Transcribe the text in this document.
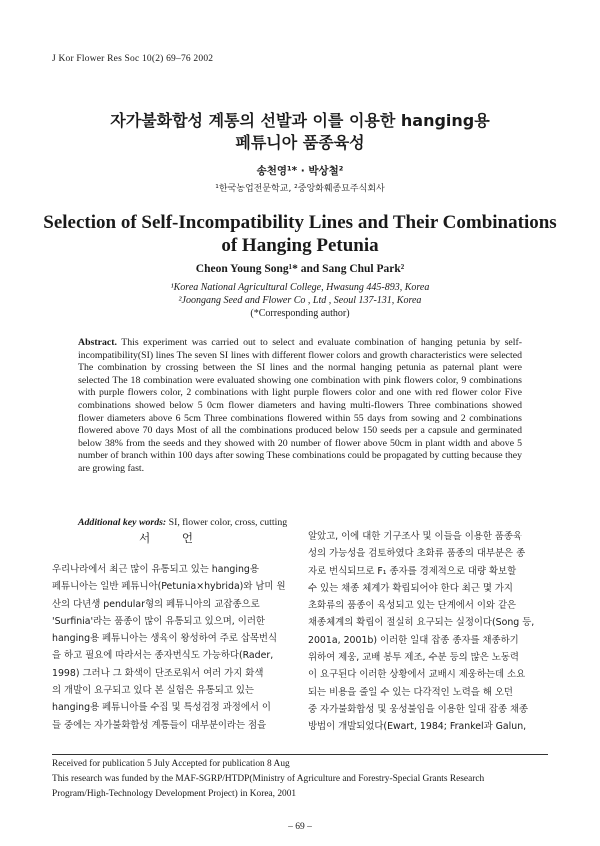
J Kor Flower Res Soc 10(2) 69–76 2002
자가불화합성 계통의 선발과 이를 이용한 hanging용
페튜니아 품종육성
송천영¹* · 박상철²
¹한국농업전문학교, ²중앙화훼종묘주식회사
Selection of Self-Incompatibility Lines and Their Combinations
of Hanging Petunia
Cheon Young Song¹* and Sang Chul Park²
¹Korea National Agricultural College, Hwasung 445-893, Korea
²Joongang Seed and Flower Co , Ltd , Seoul 137-131, Korea
(*Corresponding author)
Abstract. This experiment was carried out to select and evaluate combination of hanging petunia by self-incompatibility(SI) lines The seven SI lines with different flower colors and growth characteristics were selected The combination by crossing between the SI lines and the normal hanging petunia as paternal plant were selected The 18 combination were evaluated showing one combination with pink flowers color, 9 combinations with purple flowers color, 2 combinations with light purple flowers color and one with red flower color Five combinations showed below 5 0cm flower diameters and having multi-flowers Three combinations showed flower diameters above 6 5cm Three combinations flowered within 55 days from sowing and 2 combinations flowered above 70 days Most of all the combinations produced below 150 seeds per a capsule and germinated below 38% from the seeds and they showed with 20 number of flower above 50cm in plant width and above 5 number of branch within 100 days after sowing These combinations could be propagated by cutting because they are growing fast.
Additional key words: SI, flower color, cross, cutting
서 언
우리나라에서 최근 많이 유통되고 있는 hanging용
페튜니아는 일반 페튜니아(Petunia×hybrida)와 남미 원
산의 다년생 pendular형의 페튜니아의 교잡종으로
'Surfinia'라는 품종이 많이 유통되고 있으며, 이러한
hanging용 페튜니아는 생육이 왕성하여 주로 삽목번식
을 하고 필요에 따라서는 종자번식도 가능하다(Rader,
1998) 그러나 그 화색이 단조로워서 여러 가지 화색
의 개발이 요구되고 있다 본 실험은 유통되고 있는
hanging용 페튜니아를 수집 및 특성검정 과정에서 이
들 중에는 자가불화합성 계통들이 대부분이라는 점을
알았고, 이에 대한 기구조사 및 이들을 이용한 품종육
성의 가능성을 검토하였다 초화류 품종의 대부분은 종
자로 번식되므로 F₁ 종자를 경제적으로 대량 확보할
수 있는 채종 체계가 확립되어야 한다 최근 몇 가지
초화류의 품종이 육성되고 있는 단계에서 이와 같은
채종체계의 확립이 절실히 요구되는 실정이다(Song 등,
2001a, 2001b) 이러한 일대 잡종 종자를 채종하기
위하여 제웅, 교배 봉투 제조, 수분 등의 많은 노동력
이 요구된다 이러한 상황에서 교배시 제웅하는데 소요
되는 비용을 줄일 수 있는 다각적인 노력을 해 오던
중 자가불화합성 및 웅성불임을 이용한 일대 잡종 채종
방법이 개발되었다(Ewart, 1984; Frankel과 Galun,
Received for publication 5 July Accepted for publication 8 Aug
This research was funded by the MAF-SGRP/HTDP(Ministry of Agriculture and Forestry-Special Grants Research
Program/High-Technology Development Project) in Korea, 2001
– 69 –
